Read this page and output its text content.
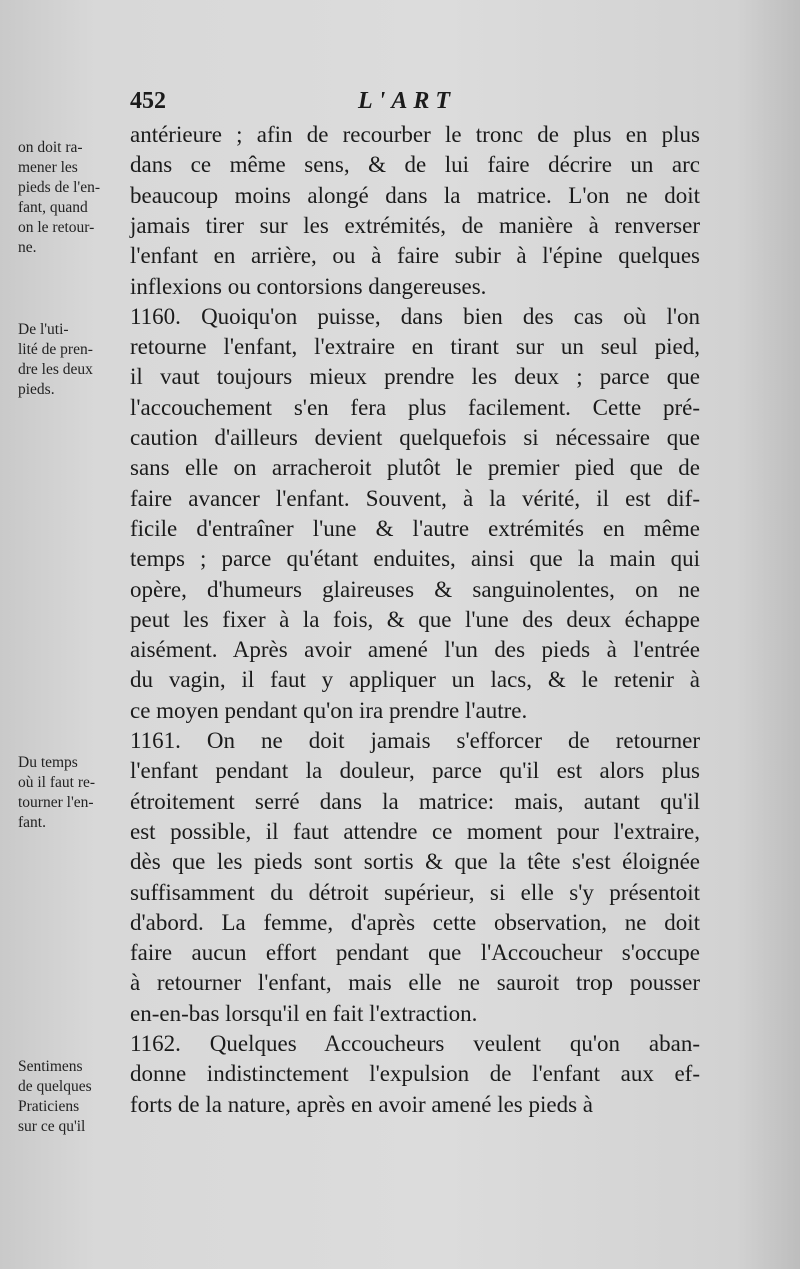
452	L'ART
on doit ra-
mener les
pieds de l'en-
fant, quand
on le retour-
ne.
De l'uti-
lité de pren-
dre les deux
pieds.
Du temps
où il faut re-
tourner l'en-
fant.
Sentimens
de quelques
Praticiens
sur ce qu'il
antérieure ; afin de recourber le tronc de plus en plus
dans ce même sens, & de lui faire décrire un arc
beaucoup moins alongé dans la matrice. L'on ne doit
jamais tirer sur les extrémités, de manière à renverser
l'enfant en arrière, ou à faire subir à l'épine quelques
inflexions ou contorsions dangereuses.
1160. Quoiqu'on puisse, dans bien des cas où l'on
retourne l'enfant, l'extraire en tirant sur un seul pied,
il vaut toujours mieux prendre les deux ; parce que
l'accouchement s'en fera plus facilement. Cette pré-
caution d'ailleurs devient quelquefois si nécessaire que
sans elle on arracheroit plutôt le premier pied que de
faire avancer l'enfant. Souvent, à la vérité, il est dif-
ficile d'entraîner l'une & l'autre extrémités en même
temps ; parce qu'étant enduites, ainsi que la main qui
opère, d'humeurs glaireuses & sanguinolentes, on ne
peut les fixer à la fois, & que l'une des deux échappe
aisément. Après avoir amené l'un des pieds à l'entrée
du vagin, il faut y appliquer un lacs, & le retenir à
ce moyen pendant qu'on ira prendre l'autre.
1161. On ne doit jamais s'efforcer de retourner
l'enfant pendant la douleur, parce qu'il est alors plus
étroitement serré dans la matrice: mais, autant qu'il
est possible, il faut attendre ce moment pour l'extraire,
dès que les pieds sont sortis & que la tête s'est éloignée
suffisamment du détroit supérieur, si elle s'y présentoit
d'abord. La femme, d'après cette observation, ne doit
faire aucun effort pendant que l'Accoucheur s'occupe
à retourner l'enfant, mais elle ne sauroit trop pousser
en-en-bas lorsqu'il en fait l'extraction.
1162. Quelques Accoucheurs veulent qu'on aban-
donne indistinctement l'expulsion de l'enfant aux ef-
forts de la nature, après en avoir amené les pieds à
